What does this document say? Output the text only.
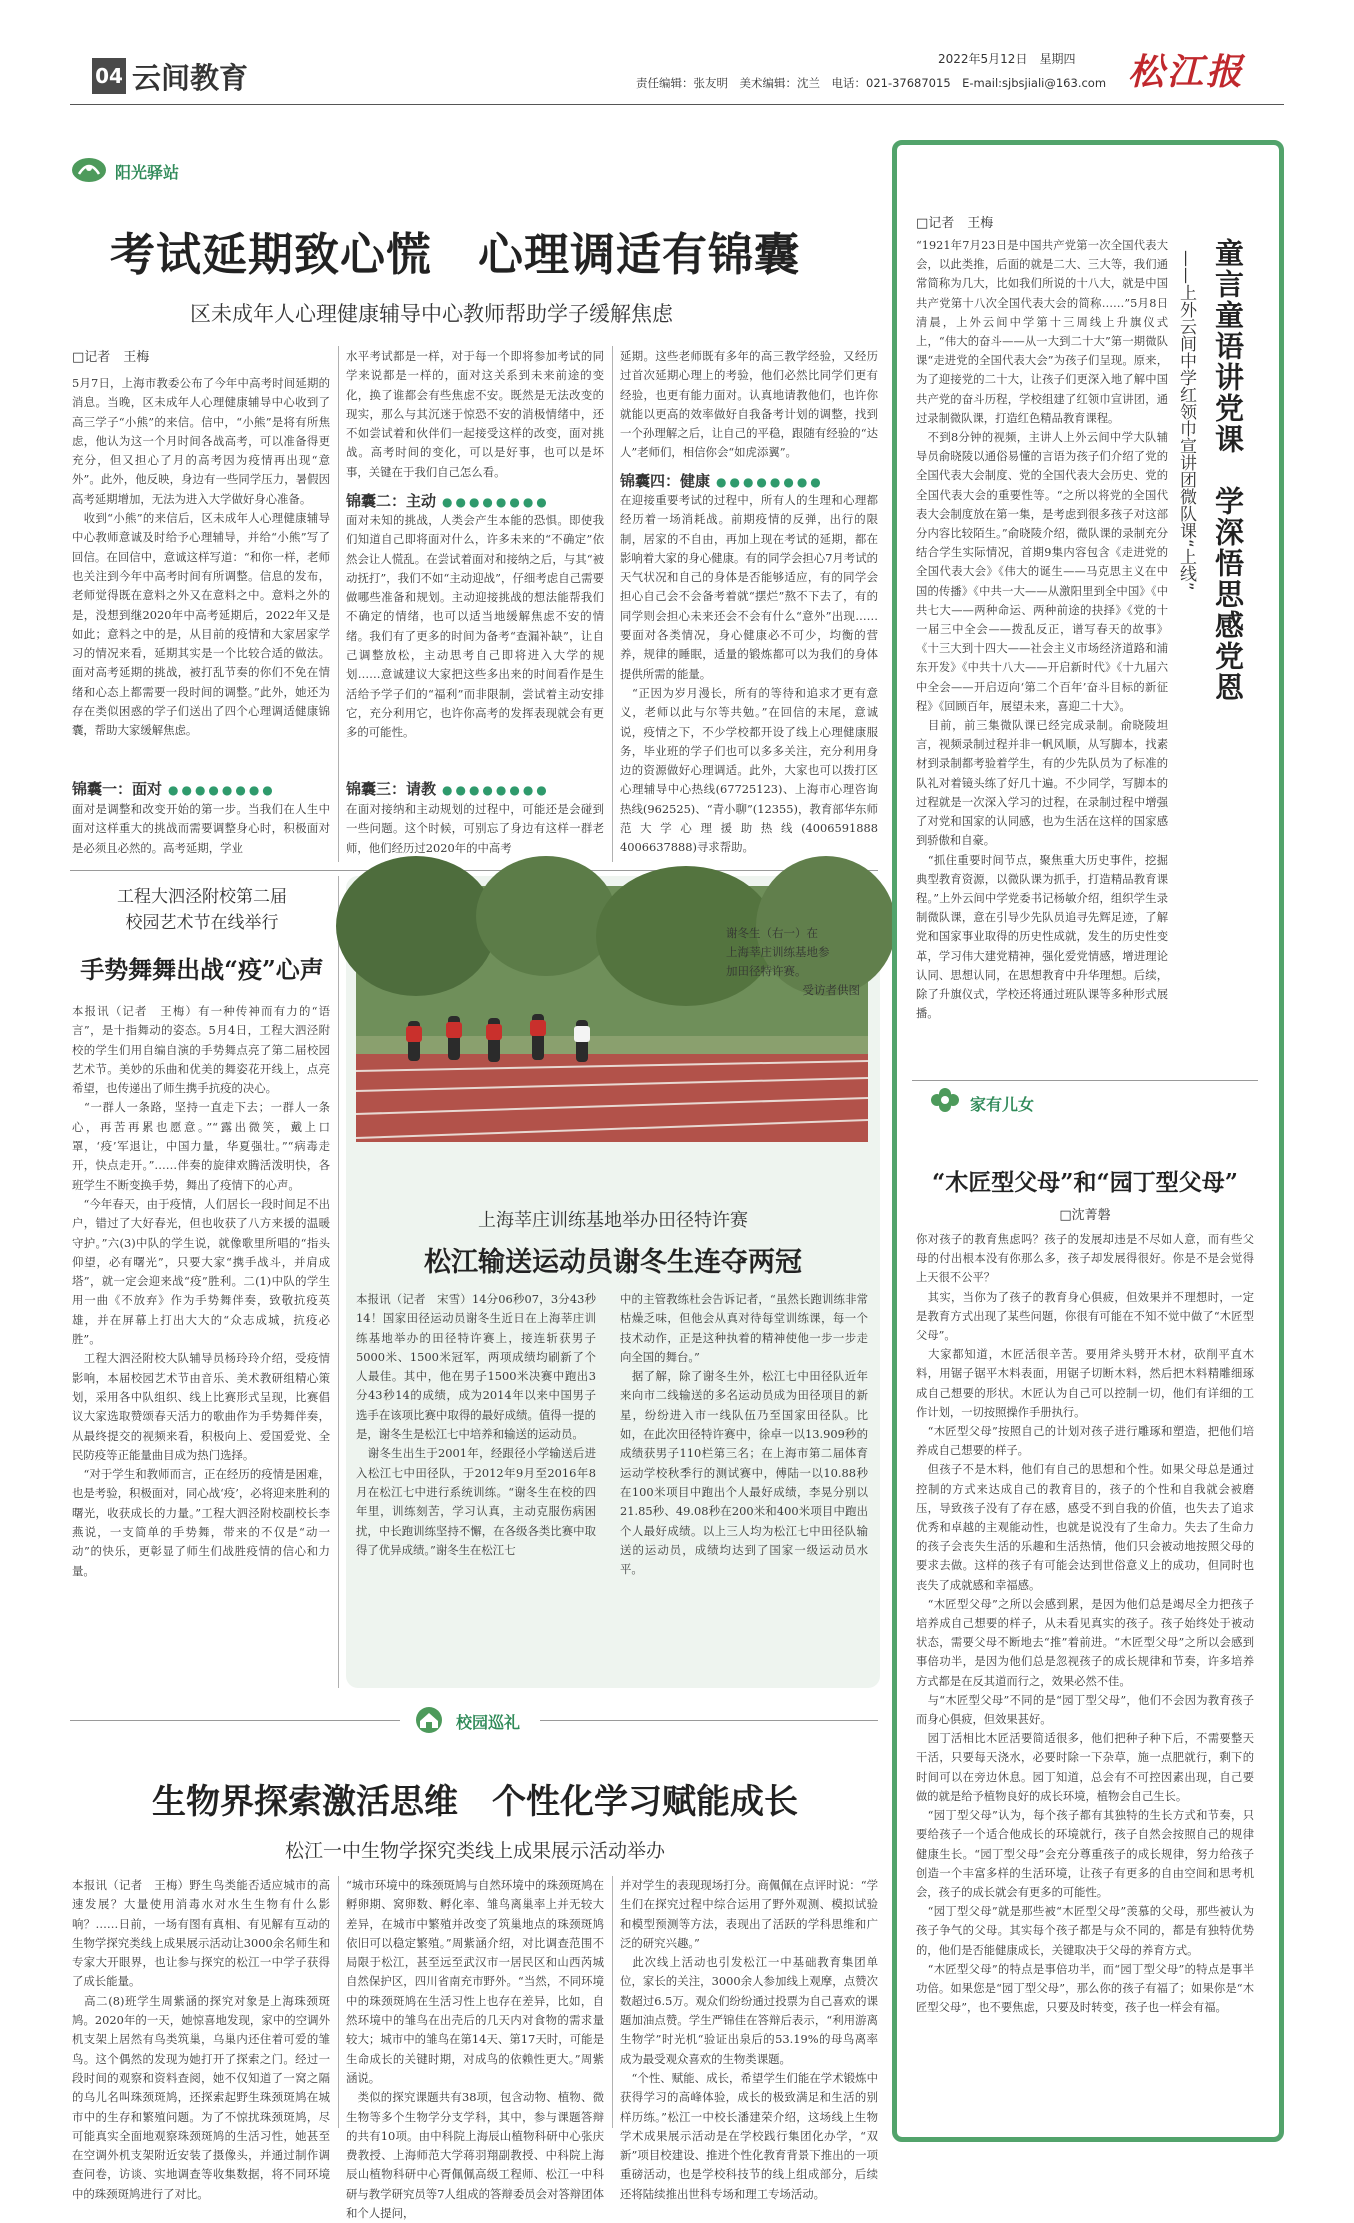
04 云间教育
2022年5月12日　星期四
责任编辑：张友明　美术编辑：沈兰　电话：021-37687015　E-mail:sjbsjiali@163.com 松江报
阳光驿站
考试延期致心慌　心理调适有锦囊
区未成年人心理健康辅导中心教师帮助学子缓解焦虑
□记者　王梅
5月7日，上海市教委公布了今年中高考时间延期的消息。当晚，区未成年人心理健康辅导中心收到了高三学子“小熊”的来信。信中，“小熊”是将有所焦虑，他认为这一个月时间各战高考，可以准备得更充分，但又担心了月的高考因为疫情再出现“意外”。此外，他反映，身边有一些同学压力，暑假因高考延期增加，无法为进入大学做好身心准备。
　收到“小熊”的来信后，区未成年人心理健康辅导中心教师意诚及时给予心理辅导，并给“小熊”写了回信。在回信中，意诚这样写道：“和你一样，老师也关注到今年中高考时间有所调整。信息的发布，老师觉得既在意料之外又在意料之中。意料之外的是，没想到继2020年中高考延期后，2022年又是如此；意料之中的是，从目前的疫情和大家居家学习的情况来看，延期其实是一个比较合适的做法。面对高考延期的挑战，被打乱节奏的你们不免在情绪和心态上都需要一段时间的调整。”此外，她还为存在类似困惑的学子们送出了四个心理调适健康锦囊，帮助大家缓解焦虑。
锦囊一：面对 ●●●●●●●●
面对是调整和改变开始的第一步。当我们在人生中面对这样重大的挑战而需要调整身心时，积极面对是必须且必然的。高考延期，学业
水平考试都是一样，对于每一个即将参加考试的同学来说都是一样的，面对这关系到未来前途的变化，换了谁都会有些焦虑不安。既然是无法改变的现实，那么与其沉迷于惊恐不安的消极情绪中，还不如尝试着和伙伴们一起接受这样的改变，面对挑战。高考时间的变化，可以是好事，也可以是坏事，关键在于我们自己怎么看。
锦囊二：主动 ●●●●●●●●
面对未知的挑战，人类会产生本能的恐惧。即使我们知道自己即将面对什么，许多未来的“不确定”依然会让人慌乱。在尝试着面对和接纳之后，与其“被动抚打”，我们不如“主动迎战”，仔细考虑自己需要做哪些准备和规划。主动迎接挑战的想法能帮我们不确定的情绪，也可以适当地缓解焦虑不安的情绪。我们有了更多的时间为备考“查漏补缺”，让自己调整放松，主动思考自己即将进入大学的规划……意诚建议大家把这些多出来的时间看作是生活给予学子们的“福利”而非限制，尝试着主动安排它，充分利用它，也许你高考的发挥表现就会有更多的可能性。
锦囊三：请教 ●●●●●●●●
在面对接纳和主动规划的过程中，可能还是会碰到一些问题。这个时候，可别忘了身边有这样一群老师，他们经历过2020年的中高考
延期。这些老师既有多年的高三教学经验，又经历过首次延期心理上的考验，他们必然比同学们更有经验，也更有能力面对。认真地请教他们，也许你就能以更高的效率做好自我备考计划的调整，找到一个孙理解之后，让自己的平稳，跟随有经验的“达人”老师们，相信你会“如虎添翼”。
锦囊四：健康 ●●●●●●●●
在迎接重要考试的过程中，所有人的生理和心理都经历着一场消耗战。前期疫情的反弹，出行的限制，居家的不自由，再加上现在考试的延期，都在影响着大家的身心健康。有的同学会担心7月考试的天气状况和自己的身体是否能够适应，有的同学会担心自己会不会备考着就“摆烂”熬不下去了，有的同学则会担心未来还会不会有什么“意外”出现……要面对各类情况，身心健康必不可少，均衡的营养，规律的睡眠，适量的锻炼都可以为我们的身体提供所需的能量。
　“正因为岁月漫长，所有的等待和追求才更有意义，老师以此与尔等共勉。”在回信的末尾，意诚说，疫情之下，不少学校都开设了线上心理健康服务，毕业班的学子们也可以多多关注，充分利用身边的资源做好心理调适。此外，大家也可以拨打区心理辅导中心热线(67725123)、上海市心理咨询热线(962525)、“青小聊”(12355)，教育部华东师范大学心理援助热线(4006591888 4006637888)寻求帮助。
工程大泗泾附校第二届
校园艺术节在线举行
手势舞舞出战“疫”心声
本报讯（记者　王梅）有一种传神而有力的“语言”，是十指舞动的姿态。5月4日，工程大泗泾附校的学生们用自编自演的手势舞点亮了第二届校园艺术节。美妙的乐曲和优美的舞姿花开线上，点亮希望，也传递出了师生携手抗疫的决心。
　“一群人一条路，坚持一直走下去；一群人一条心，再苦再累也愿意。”“露出微笑，戴上口罩，‘疫’军退让，中国力量，华夏强壮。”“病毒走开，快点走开。”……伴奏的旋律欢腾活泼明快，各班学生不断变换手势，舞出了疫情下的心声。
　“今年春天，由于疫情，人们居长一段时间足不出户，错过了大好春光，但也收获了八方来援的温暖守护。”六(3)中队的学生说，就像歌里所唱的“指头仰望，必有曙光”，只要大家“携手战斗，并肩成塔”，就一定会迎来战“疫”胜利。二(1)中队的学生用一曲《不放弃》作为手势舞伴奏，致敬抗疫英雄，并在屏幕上打出大大的“众志成城，抗疫必胜”。
　工程大泗泾附校大队辅导员杨玲玲介绍，受疫情影响，本届校园艺术节由音乐、美术教研组精心策划，采用各中队组织、线上比赛形式呈现，比赛倡议大家选取赞颂春天活力的歌曲作为手势舞伴奏，从最终提交的视频来看，积极向上、爱国爱党、全民防疫等正能量曲目成为热门选择。
　“对于学生和教师而言，正在经历的疫情是困难，也是考验，积极面对，同心战‘疫’，必将迎来胜利的曙光，收获成长的力量。”工程大泗泾附校副校长李燕说，一支简单的手势舞，带来的不仅是“动一动”的快乐，更彰显了师生们战胜疫情的信心和力量。
谢冬生（右一）在
上海莘庄训练基地参
加田径特许赛。
受访者供图
上海莘庄训练基地举办田径特许赛
松江输送运动员谢冬生连夺两冠
本报讯（记者　宋雪）14分06秒07，3分43秒14！国家田径运动员谢冬生近日在上海莘庄训练基地举办的田径特许赛上，接连斩获男子5000米、1500米冠军，两项成绩均刷新了个人最佳。其中，他在男子1500米决赛中跑出3分43秒14的成绩，成为2014年以来中国男子选手在该项比赛中取得的最好成绩。值得一提的是，谢冬生是松江七中培养和输送的运动员。
　谢冬生出生于2001年，经跟径小学输送后进入松江七中田径队，于2012年9月至2016年8月在松江七中进行系统训练。“谢冬生在校的四年里，训练刻苦，学习认真，主动克服伤病困扰，中长跑训练坚持不懈，在各级各类比赛中取得了优异成绩。”谢冬生在松江七
中的主管教练杜会告诉记者，“虽然长跑训练非常枯燥乏味，但他会从真对待每堂训练课，每一个技术动作，正是这种执着的精神使他一步一步走向全国的舞台。”
　据了解，除了谢冬生外，松江七中田径队近年来向市二线输送的多名运动员成为田径项目的新星，纷纷进入市一线队伍乃至国家田径队。比如，在此次田径特许赛中，徐卓一以13.909秒的成绩获男子110栏第三名；在上海市第二届体育运动学校秋季行的测试赛中，傅陆一以10.88秒在100米项目中跑出个人最好成绩，李晃分别以21.85秒、49.08秒在200米和400米项目中跑出个人最好成绩。以上三人均为松江七中田径队输送的运动员，成绩均达到了国家一级运动员水平。
校园巡礼
生物界探索激活思维　个性化学习赋能成长
松江一中生物学探究类线上成果展示活动举办
本报讯（记者　王梅）野生鸟类能否适应城市的高速发展？大量使用消毒水对水生生物有什么影响？……日前，一场有图有真相、有见解有互动的生物学探究类线上成果展示活动让3000余名师生和专家大开眼界，也让参与探究的松江一中学子获得了成长能量。
　高二(8)班学生周紫涵的探究对象是上海珠颈斑鸠。2020年的一天，她惊喜地发现，家中的空调外机支架上居然有鸟类筑巢，乌巢内还住着可爱的雏鸟。这个偶然的发现为她打开了探索之门。经过一段时间的观察和资料查阅，她不仅知道了一窝之隔的乌儿名叫珠颈斑鸠，还探索起野生珠颈斑鸠在城市中的生存和繁殖问题。为了不惊扰珠颈斑鸠，尽可能真实全面地观察珠颈斑鸠的生活习性，她甚至在空调外机支架附近安装了摄像头，并通过制作调查问卷，访谈、实地调查等收集数据，将不同环境中的珠颈斑鸠进行了对比。
“城市环境中的珠颈斑鸠与自然环境中的珠颈斑鸠在孵卵期、窝卵数、孵化率、雏鸟离巢率上并无较大差异，在城市中繁殖并改变了筑巢地点的珠颈斑鸠依旧可以稳定繁殖。”周紫涵介绍，对比调查范围不局限于松江，甚至远至武汉市一居民区和山西芮城自然保护区，四川省南充市野外。“当然，不同环境中的珠颈斑鸠在生活习性上也存在差异，比如，自然环境中的雏鸟在出壳后的几天内对食物的需求量较大；城市中的雏鸟在第14天、第17天时，可能是生命成长的关键时期，对成鸟的依赖性更大。”周紫涵说。
　类似的探究课题共有38项，包含动物、植物、微生物等多个生物学分支学科，其中，参与课题答辩的共有10项。由中科院上海辰山植物科研中心张庆费教授、上海师范大学蒋羽翔副教授、中科院上海辰山植物科研中心胥佩佩高级工程师、松江一中科研与教学研究员等7人组成的答辩委员会对答辩团体和个人提问，
并对学生的表现现场打分。商佩佩在点评时说：“学生们在探究过程中综合运用了野外观测、模拟试验和模型预测等方法，表现出了活跃的学科思维和广泛的研究兴趣。”
　此次线上活动也引发松江一中基础教育集团单位，家长的关注，3000余人参加线上观摩，点赞次数超过6.5万。观众们纷纷通过投票为自己喜欢的课题加油点赞。学生严锦佳在答辩后表示，“利用游离生物学”时光机“验证出泉后的53.19%的母鸟离率成为最受观众喜欢的生物类课题。
　“个性、赋能、成长，希望学生们能在学术锻炼中获得学习的高峰体验，成长的极致满足和生活的别样历练。”松江一中校长潘建荣介绍，这场线上生物学术成果展示活动是在学校践行集团化办学，“双新”项目校建设、推进个性化教育背景下推出的一项重磅活动，也是学校科技节的线上组成部分，后续还将陆续推出世科专场和理工专场活动。
□记者　王梅
“1921年7月23日是中国共产党第一次全国代表大会，以此类推，后面的就是二大、三大等，我们通常简称为几大，比如我们所说的十八大，就是中国共产党第十八次全国代表大会的简称……”5月8日清晨，上外云间中学第十三周线上升旗仪式上，“伟大的奋斗——从一大到二十大”第一期微队课“走进党的全国代表大会”为孩子们呈现。原来，为了迎接党的二十大，让孩子们更深入地了解中国共产党的奋斗历程，学校组建了红领巾宣讲团，通过录制微队课，打造红色精品教育课程。
　不到8分钟的视频，主讲人上外云间中学大队辅导员俞晓陵以通俗易懂的言语为孩子们介绍了党的全国代表大会制度、党的全国代表大会历史、党的全国代表大会的重要性等。“之所以将党的全国代表大会制度放在第一集，是考虑到很多孩子对这部分内容比较陌生。”俞晓陵介绍，微队课的录制充分结合学生实际情况，首期9集内容包含《走进党的全国代表大会》《伟大的诞生——马克思主义在中国的传播》《中共一大——从激阳里到全中国》《中共七大——两种命运、两种前途的抉择》《党的十一届三中全会——拨乱反正，谱写春天的故事》《十三大到十四大——社会主义市场经济道路和浦东开发》《中共十八大——开启新时代》《十九届六中全会——开启迈向‘第二个百年’奋斗目标的新征程》《回顾百年，展望未来，喜迎二十大》。
　目前，前三集微队课已经完成录制。俞晓陵坦言，视频录制过程并非一帆风顺，从写脚本，找素材到录制都考验着学生，有的少先队员为了标准的队礼对着镜头练了好几十遍。不少同学，写脚本的过程就是一次深入学习的过程，在录制过程中增强了对党和国家的认同感，也为生活在这样的国家感到骄傲和自豪。
　“抓住重要时间节点，聚焦重大历史事件，挖掘典型教育资源，以微队课为抓手，打造精品教育课程。”上外云间中学党委书记杨敏介绍，组织学生录制微队课，意在引导少先队员追寻先辉足迹，了解党和国家事业取得的历史性成就，发生的历史性变革，学习伟大建党精神，强化爱党情感，增进理论认同、思想认同，在思想教育中升华理想。后续，除了升旗仪式，学校还将通过班队课等多种形式展播。
童言童语讲党课　学深悟思感党恩
——上外云间中学红领巾宣讲团微队课“上线”
家有儿女
“木匠型父母”和“园丁型父母”
□沈菁磐
你对孩子的教育焦虑吗？孩子的发展却违是不尽如人意，而有些父母的付出根本没有你那么多，孩子却发展得很好。你是不是会觉得上天很不公平？
　其实，当你为了孩子的教育身心俱疲，但效果并不理想时，一定是教育方式出现了某些问题，你很有可能在不知不觉中做了“木匠型父母”。
　大家都知道，木匠活很辛苦。要用斧头劈开木材，砍削平直木料，用锯子锯平木料表面，用锯子切断木料，然后把木料精雕细琢成自己想要的形状。木匠认为自己可以控制一切，他们有详细的工作计划，一切按照操作手册执行。
　“木匠型父母”按照自己的计划对孩子进行雕琢和塑造，把他们培养成自己想要的样子。
　但孩子不是木料，他们有自己的思想和个性。如果父母总是通过控制的方式来达成自己的教育目的，孩子的个性和自我就会被磨压，导致孩子没有了存在感，感受不到自我的价值，也失去了追求优秀和卓越的主观能动性，也就是说没有了生命力。失去了生命力的孩子会丧失生活的乐趣和生活热情，他们只会被动地按照父母的要求去做。这样的孩子有可能会达到世俗意义上的成功，但同时也丧失了成就感和幸福感。
　“木匠型父母”之所以会感到累，是因为他们总是竭尽全力把孩子培养成自己想要的样子，从未看见真实的孩子。孩子始终处于被动状态，需要父母不断地去“推”着前进。“木匠型父母”之所以会感到事倍功半，是因为他们总是忽视孩子的成长规律和节奏，许多培养方式都是在反其道而行之，效果必然不佳。
　与“木匠型父母”不同的是“园丁型父母”，他们不会因为教育孩子而身心俱疲，但效果甚好。
　园丁活相比木匠活要简适很多，他们把种子种下后，不需要整天干活，只要每天浇水，必要时除一下杂草，施一点肥就行，剩下的时间可以在旁边休息。园丁知道，总会有不可控因素出现，自己要做的就是给予植物良好的成长环境，植物会自己生长。
　“园丁型父母”认为，每个孩子都有其独特的生长方式和节奏，只要给孩子一个适合他成长的环境就行，孩子自然会按照自己的规律健康生长。“园丁型父母”会充分尊重孩子的成长规律，努力给孩子创造一个丰富多样的生活环境，让孩子有更多的自由空间和思考机会，孩子的成长就会有更多的可能性。
　“园丁型父母”就是那些被“木匠型父母”羡慕的父母，那些被认为孩子争气的父母。其实每个孩子都是与众不同的，都是有独特优势的，他们是否能健康成长，关键取决于父母的养育方式。
　“木匠型父母”的特点是事倍功半，而“园丁型父母”的特点是事半功倍。如果您是“园丁型父母”，那么你的孩子有福了；如果你是“木匠型父母”，也不要焦虑，只要及时转变，孩子也一样会有福。
